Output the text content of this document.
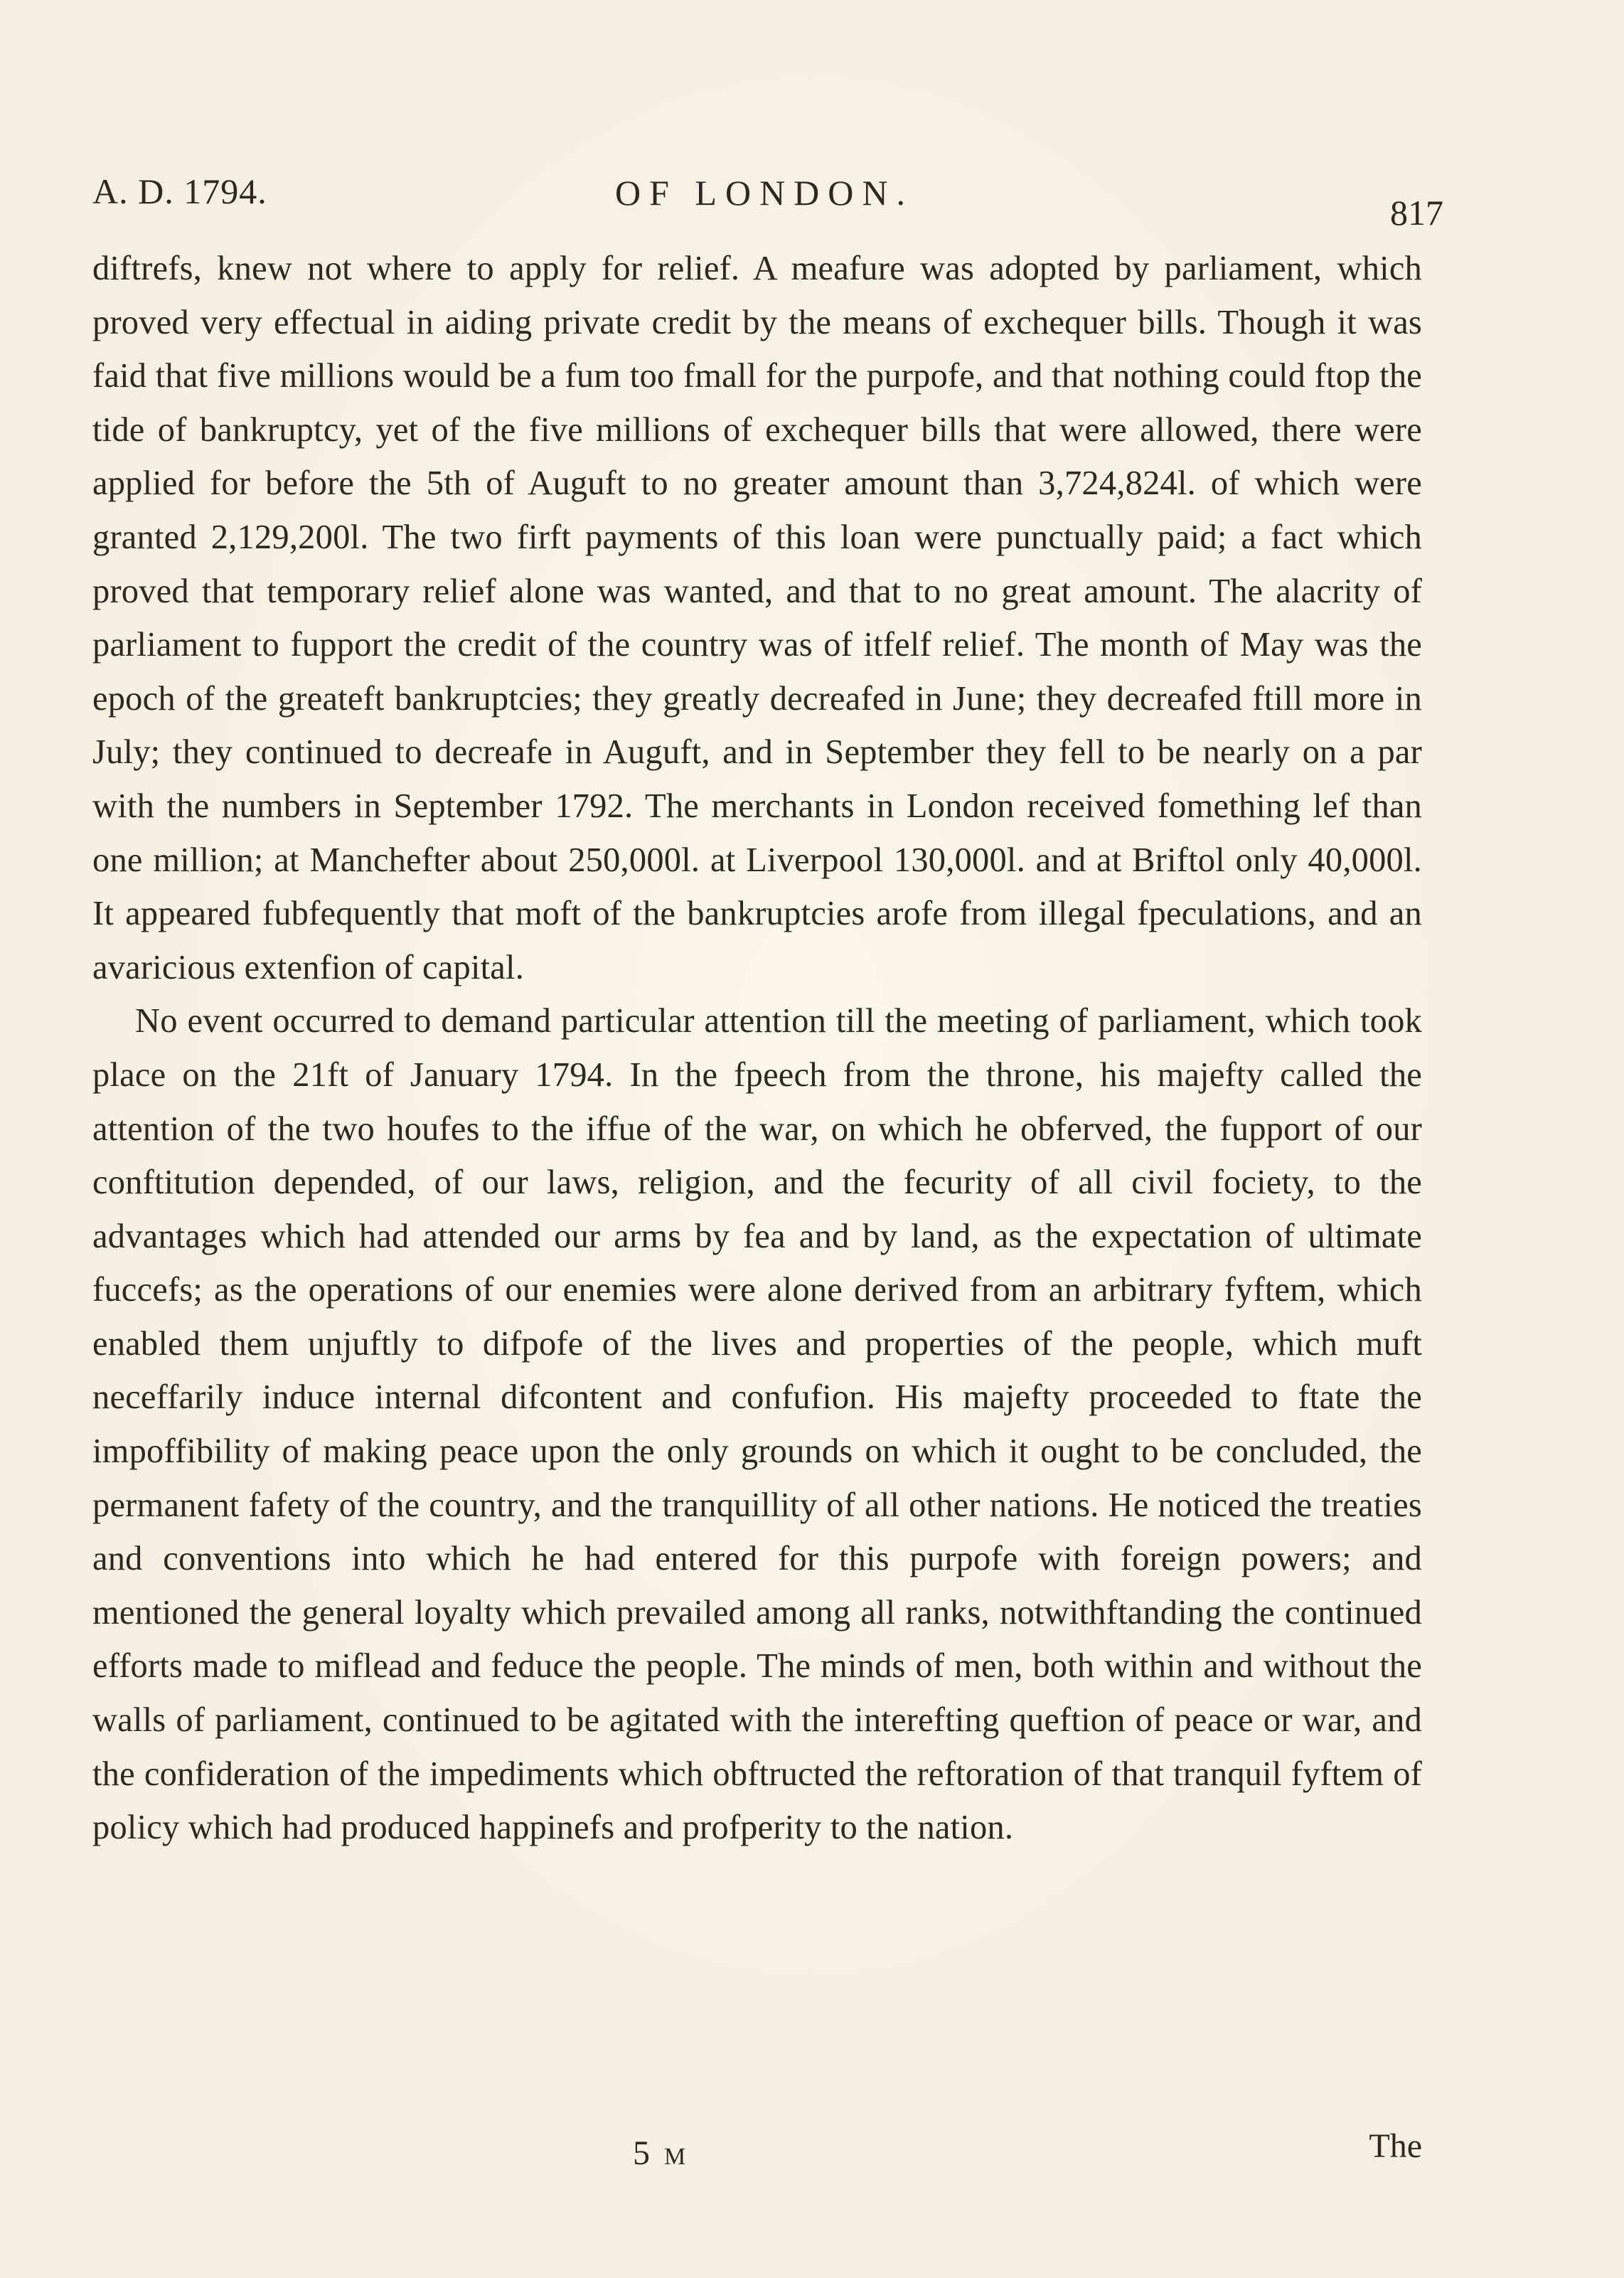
A. D. 1794.	OF LONDON.	817

diftrefs, knew not where to apply for relief. A meafure was adopted by parliament, which proved very effectual in aiding private credit by the means of exchequer bills. Though it was faid that five millions would be a fum too fmall for the purpofe, and that nothing could ftop the tide of bankruptcy, yet of the five millions of exchequer bills that were allowed, there were applied for before the 5th of Auguft to no greater amount than 3,724,824l. of which were granted 2,129,200l. The two firft payments of this loan were punctually paid; a fact which proved that temporary relief alone was wanted, and that to no great amount. The alacrity of parliament to fupport the credit of the country was of itfelf relief. The month of May was the epoch of the greateft bankruptcies; they greatly decreafed in June; they decreafed ftill more in July; they continued to decreafe in Auguft, and in September they fell to be nearly on a par with the numbers in September 1792. The merchants in London received fomething lef than one million; at Manchefter about 250,000l. at Liverpool 130,000l. and at Briftol only 40,000l. It appeared fubfequently that moft of the bankruptcies arofe from illegal fpeculations, and an avaricious extenfion of capital.

No event occurred to demand particular attention till the meeting of parliament, which took place on the 21ft of January 1794. In the fpeech from the throne, his majefty called the attention of the two houfes to the iffue of the war, on which he obferved, the fupport of our conftitution depended, of our laws, religion, and the fecurity of all civil fociety, to the advantages which had attended our arms by fea and by land, as the expectation of ultimate fuccefs; as the operations of our enemies were alone derived from an arbitrary fyftem, which enabled them unjuftly to difpofe of the lives and properties of the people, which muft neceffarily induce internal difcontent and confufion. His majefty proceeded to ftate the impoffibility of making peace upon the only grounds on which it ought to be concluded, the permanent fafety of the country, and the tranquillity of all other nations. He noticed the treaties and conventions into which he had entered for this purpofe with foreign powers; and mentioned the general loyalty which prevailed among all ranks, notwithftanding the continued efforts made to miflead and feduce the people. The minds of men, both within and without the walls of parliament, continued to be agitated with the interefting queftion of peace or war, and the confideration of the impediments which obftructed the reftoration of that tranquil fyftem of policy which had produced happinefs and profperity to the nation.

5 M	The
